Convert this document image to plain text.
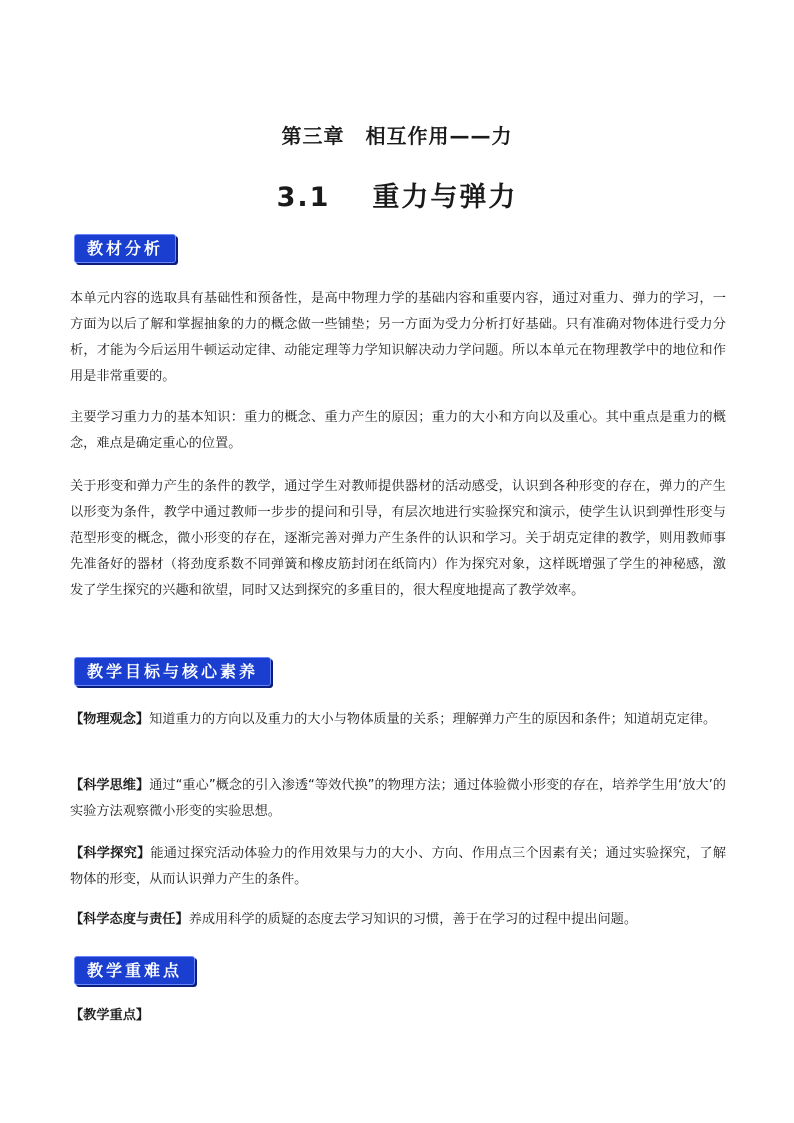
第三章　相互作用——力
3.1 重力与弹力
教材分析

本单元内容的选取具有基础性和预备性，是高中物理力学的基础内容和重要内容，通过对重力、弹力的学习，一方面为以后了解和掌握抽象的力的概念做一些铺垫；另一方面为受力分析打好基础。只有准确对物体进行受力分析，才能为今后运用牛顿运动定律、动能定理等力学知识解决动力学问题。所以本单元在物理教学中的地位和作用是非常重要的。

主要学习重力力的基本知识：重力的概念、重力产生的原因；重力的大小和方向以及重心。其中重点是重力的概念，难点是确定重心的位置。

关于形变和弹力产生的条件的教学，通过学生对教师提供器材的活动感受，认识到各种形变的存在，弹力的产生以形变为条件，教学中通过教师一步步的提问和引导，有层次地进行实验探究和演示，使学生认识到弹性形变与范型形变的概念，微小形变的存在，逐渐完善对弹力产生条件的认识和学习。关于胡克定律的教学，则用教师事先准备好的器材（将劲度系数不同弹簧和橡皮筋封闭在纸筒内）作为探究对象，这样既增强了学生的神秘感，激发了学生探究的兴趣和欲望，同时又达到探究的多重目的，很大程度地提高了教学效率。

教学目标与核心素养

【物理观念】知道重力的方向以及重力的大小与物体质量的关系；理解弹力产生的原因和条件；知道胡克定律。

【科学思维】通过“重心”概念的引入渗透“等效代换”的物理方法；通过体验微小形变的存在，培养学生用‘放大’的实验方法观察微小形变的实验思想。

【科学探究】能通过探究活动体验力的作用效果与力的大小、方向、作用点三个因素有关；通过实验探究，了解物体的形变，从而认识弹力产生的条件。

【科学态度与责任】养成用科学的质疑的态度去学习知识的习惯，善于在学习的过程中提出问题。

教学重难点

【教学重点】
